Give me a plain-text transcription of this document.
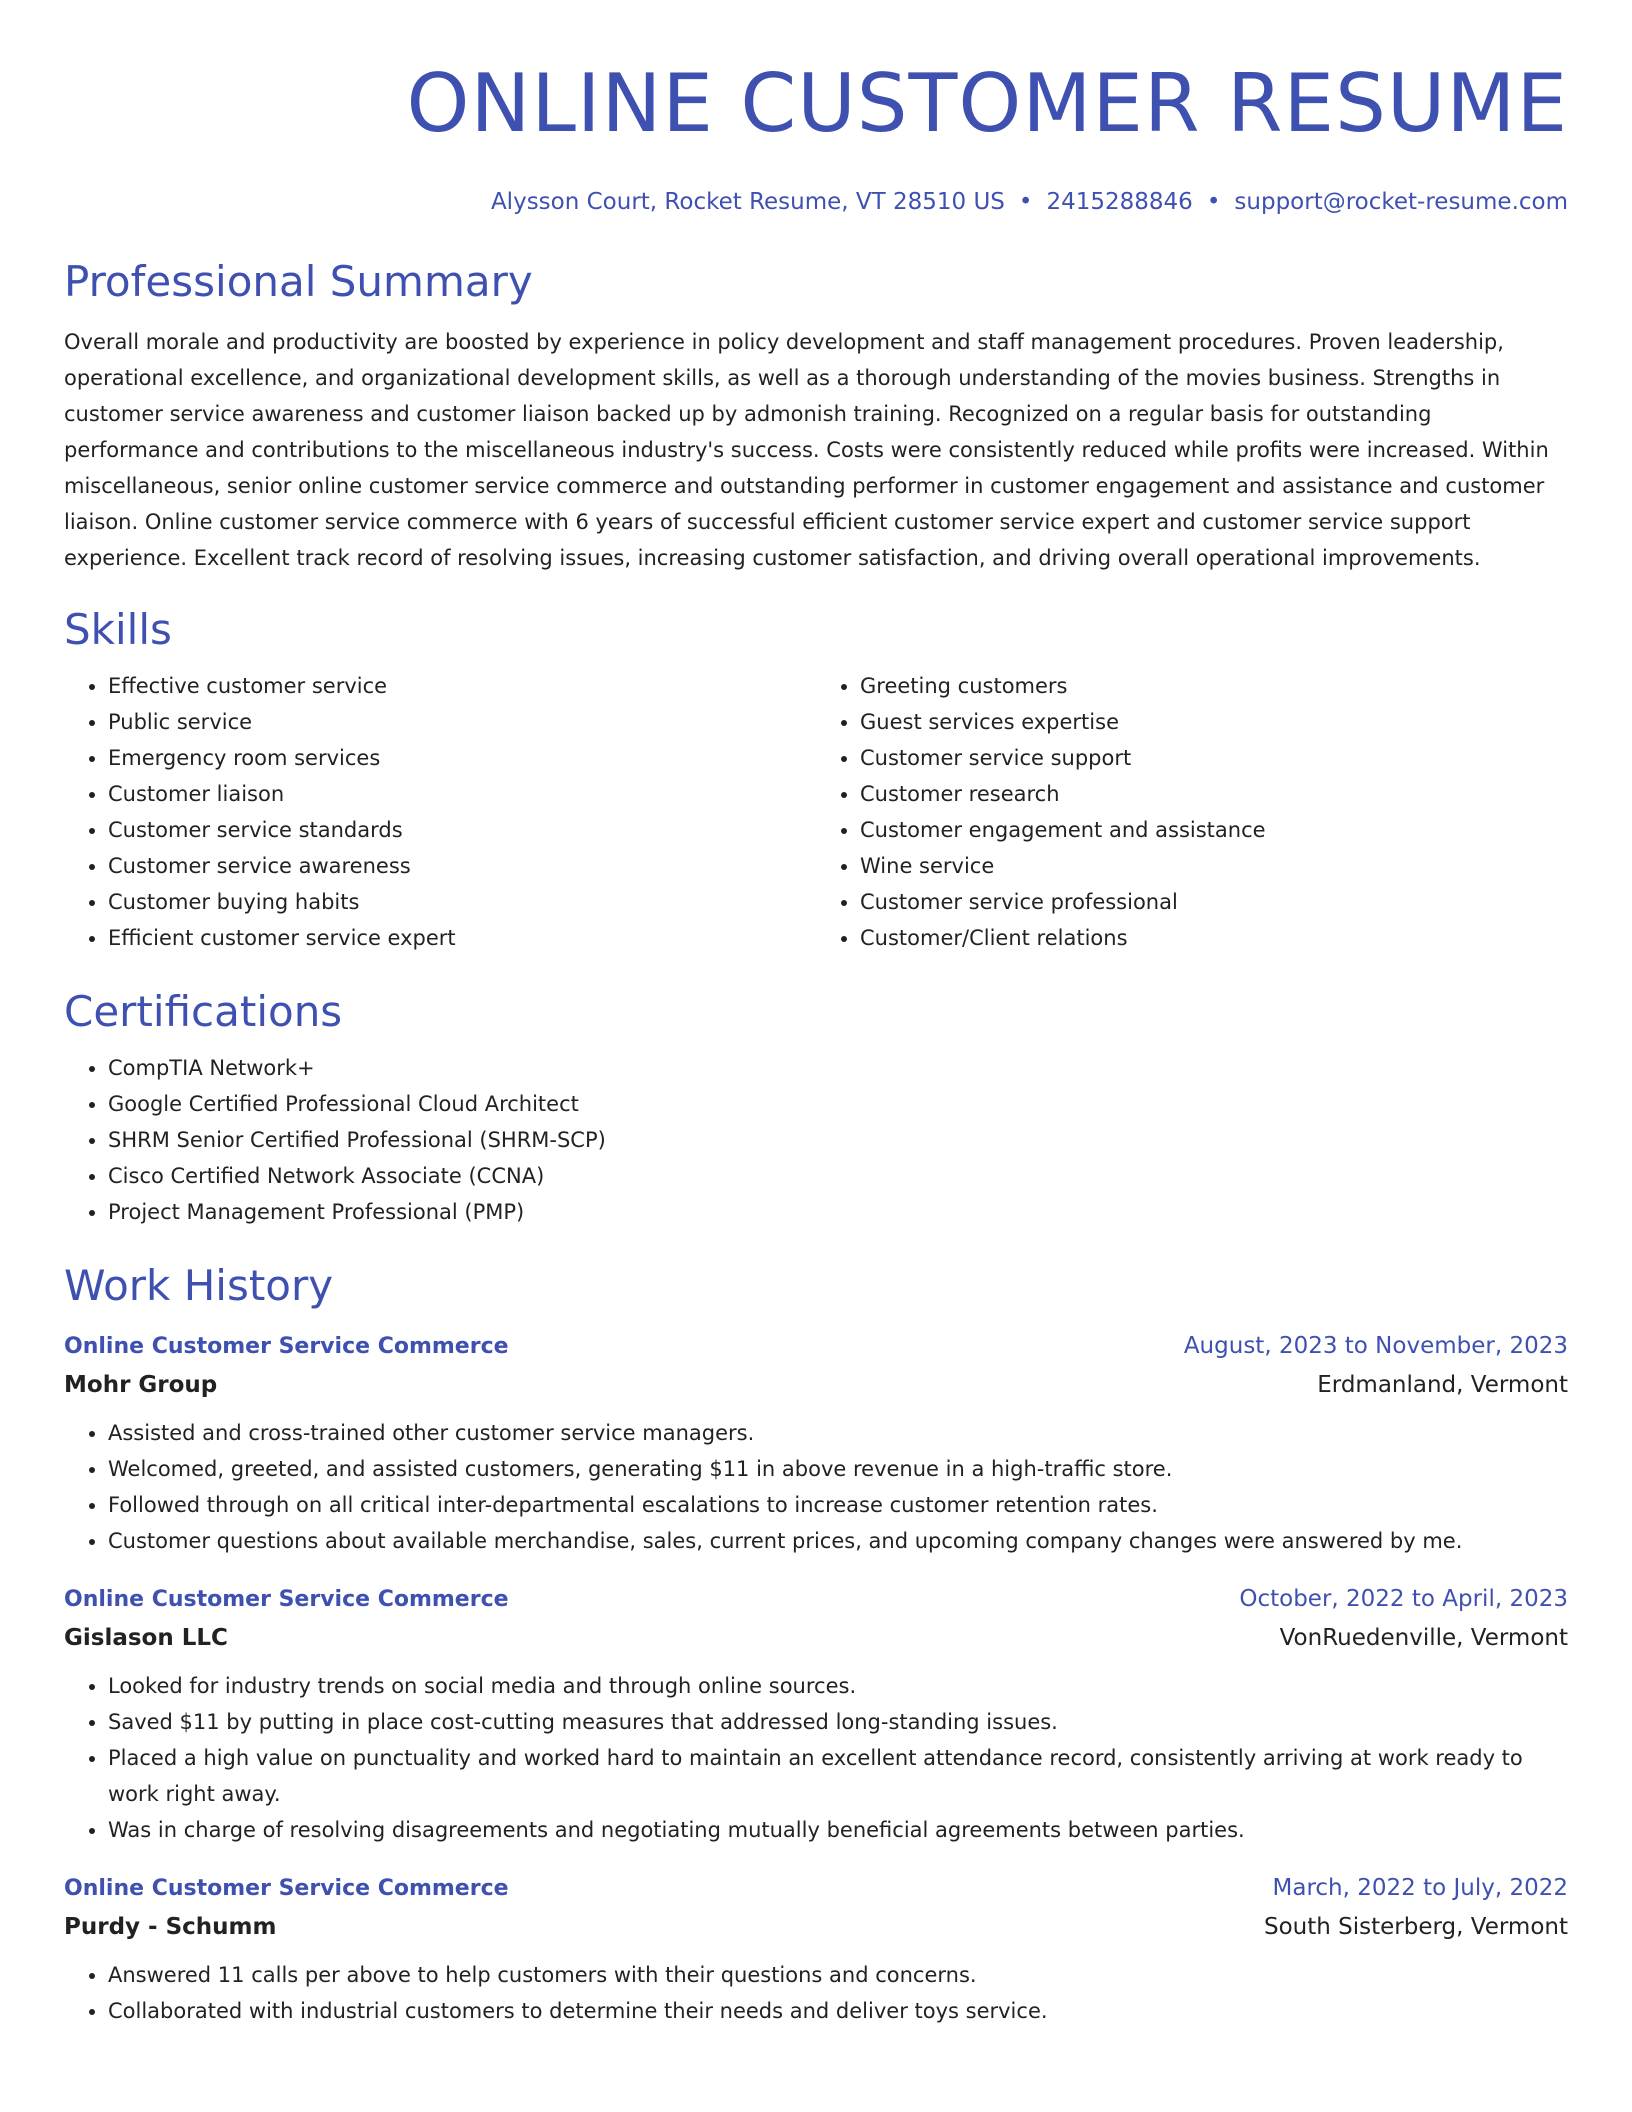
ONLINE CUSTOMER RESUME
Alysson Court, Rocket Resume, VT 28510 US • 2415288846 • support@rocket-resume.com
Professional Summary
Overall morale and productivity are boosted by experience in policy development and staff management procedures. Proven leadership, operational excellence, and organizational development skills, as well as a thorough understanding of the movies business. Strengths in customer service awareness and customer liaison backed up by admonish training. Recognized on a regular basis for outstanding performance and contributions to the miscellaneous industry's success. Costs were consistently reduced while profits were increased. Within miscellaneous, senior online customer service commerce and outstanding performer in customer engagement and assistance and customer liaison. Online customer service commerce with 6 years of successful efficient customer service expert and customer service support experience. Excellent track record of resolving issues, increasing customer satisfaction, and driving overall operational improvements.
Skills
• Effective customer service
• Public service
• Emergency room services
• Customer liaison
• Customer service standards
• Customer service awareness
• Customer buying habits
• Efficient customer service expert
• Greeting customers
• Guest services expertise
• Customer service support
• Customer research
• Customer engagement and assistance
• Wine service
• Customer service professional
• Customer/Client relations
Certifications
• CompTIA Network+
• Google Certified Professional Cloud Architect
• SHRM Senior Certified Professional (SHRM-SCP)
• Cisco Certified Network Associate (CCNA)
• Project Management Professional (PMP)
Work History
Online Customer Service Commerce	August, 2023 to November, 2023
Mohr Group	Erdmanland, Vermont
• Assisted and cross-trained other customer service managers.
• Welcomed, greeted, and assisted customers, generating $11 in above revenue in a high-traffic store.
• Followed through on all critical inter-departmental escalations to increase customer retention rates.
• Customer questions about available merchandise, sales, current prices, and upcoming company changes were answered by me.
Online Customer Service Commerce	October, 2022 to April, 2023
Gislason LLC	VonRuedenville, Vermont
• Looked for industry trends on social media and through online sources.
• Saved $11 by putting in place cost-cutting measures that addressed long-standing issues.
• Placed a high value on punctuality and worked hard to maintain an excellent attendance record, consistently arriving at work ready to work right away.
• Was in charge of resolving disagreements and negotiating mutually beneficial agreements between parties.
Online Customer Service Commerce	March, 2022 to July, 2022
Purdy - Schumm	South Sisterberg, Vermont
• Answered 11 calls per above to help customers with their questions and concerns.
• Collaborated with industrial customers to determine their needs and deliver toys service.
